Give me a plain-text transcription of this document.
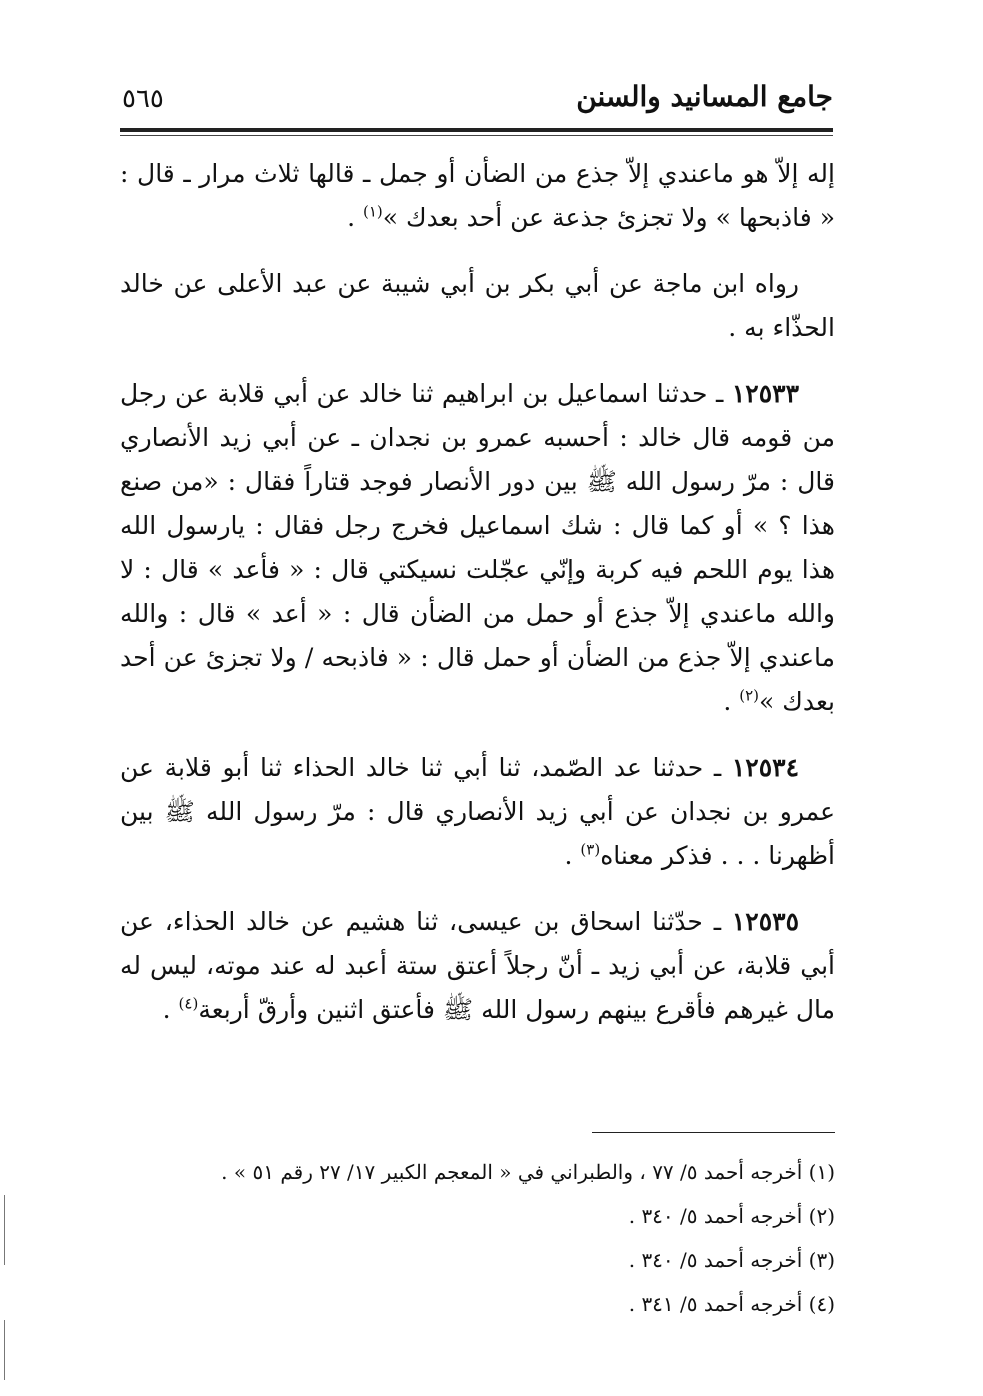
جامع المسانيد والسنن
٥٦٥

إله إلاّ هو ماعندي إلاّ جذع من الضأن أو جمل ـ قالها ثلاث مرار ـ قال : « فاذبحها » ولا تجزئ جذعة عن أحد بعدك »$^{(١)}$ .

رواه ابن ماجة عن أبي بكر بن أبي شيبة عن عبد الأعلى عن خالد الحذّاء به .

١٢٥٣٣ ـ حدثنا اسماعيل بن ابراهيم ثنا خالد عن أبي قلابة عن رجل من قومه قال خالد : أحسبه عمرو بن نجدان ـ عن أبي زيد الأنصاري قال : مرّ رسول الله ﷺ بين دور الأنصار فوجد قتاراً فقال : «من صنع هذا ؟ » أو كما قال : شك اسماعيل فخرج رجل فقال : يارسول الله هذا يوم اللحم فيه كربة وإنّي عجّلت نسيكتي قال : « فأعد » قال : لا والله ماعندي إلاّ جذع أو حمل من الضأن قال : « أعد » قال : والله ماعندي إلاّ جذع من الضأن أو حمل قال : « فاذبحه / ولا تجزئ عن أحد بعدك »$^{(٢)}$ .

١٢٥٣٤ ـ حدثنا عد الصّمد، ثنا أبي ثنا خالد الحذاء ثنا أبو قلابة عن عمرو بن نجدان عن أبي زيد الأنصاري قال : مرّ رسول الله ﷺ بين أظهرنا . . . فذكر معناه$^{(٣)}$ .

١٢٥٣٥ ـ حدّثنا اسحاق بن عيسى، ثنا هشيم عن خالد الحذاء، عن أبي قلابة، عن أبي زيد ـ أنّ رجلاً أعتق ستة أعبد له عند موته، ليس له مال غيرهم فأقرع بينهم رسول الله ﷺ فأعتق اثنين وأرقّ أربعة$^{(٤)}$ .

(١) أخرجه أحمد ٥/ ٧٧ ، والطبراني في « المعجم الكبير ١٧/ ٢٧ رقم ٥١ » .

(٢) أخرجه أحمد ٥/ ٣٤٠ .

(٣) أخرجه أحمد ٥/ ٣٤٠ .

(٤) أخرجه أحمد ٥/ ٣٤١ .
